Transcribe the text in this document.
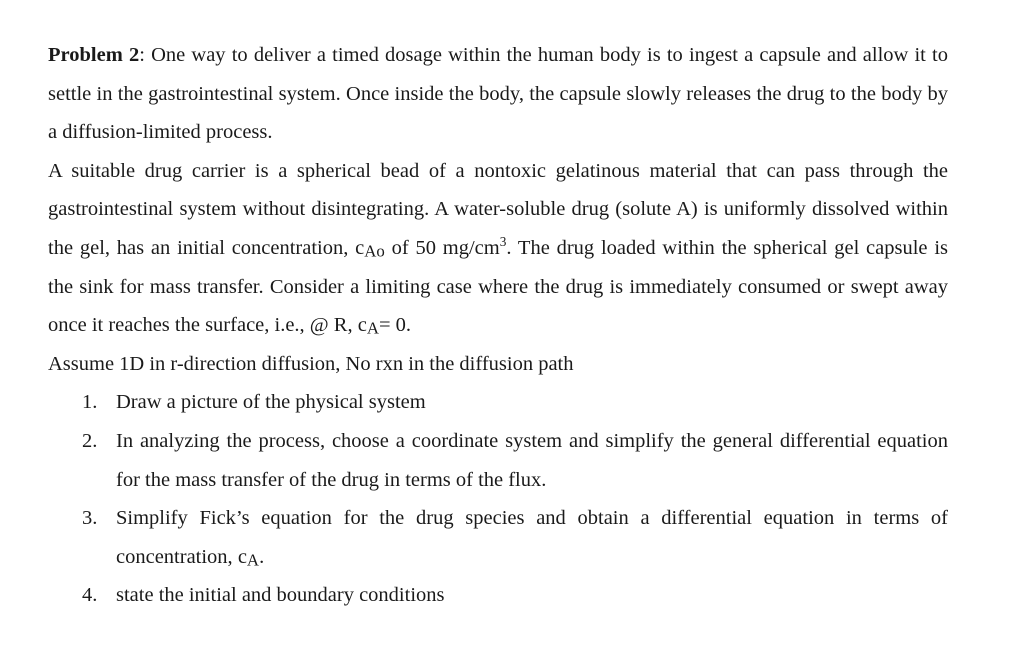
Problem 2: One way to deliver a timed dosage within the human body is to ingest a capsule and allow it to settle in the gastrointestinal system. Once inside the body, the capsule slowly releases the drug to the body by a diffusion-limited process.

A suitable drug carrier is a spherical bead of a nontoxic gelatinous material that can pass through the gastrointestinal system without disintegrating. A water-soluble drug (solute A) is uniformly dissolved within the gel, has an initial concentration, cAo of 50 $mg/cm^3$. The drug loaded within the spherical gel capsule is the sink for mass transfer. Consider a limiting case where the drug is immediately consumed or swept away once it reaches the surface, i.e., @ R, cA= 0.

Assume 1D in r-direction diffusion, No rxn in the diffusion path

1. Draw a picture of the physical system
2. In analyzing the process, choose a coordinate system and simplify the general differential equation for the mass transfer of the drug in terms of the flux.
3. Simplify Fick’s equation for the drug species and obtain a differential equation in terms of concentration, cA.
4. state the initial and boundary conditions
